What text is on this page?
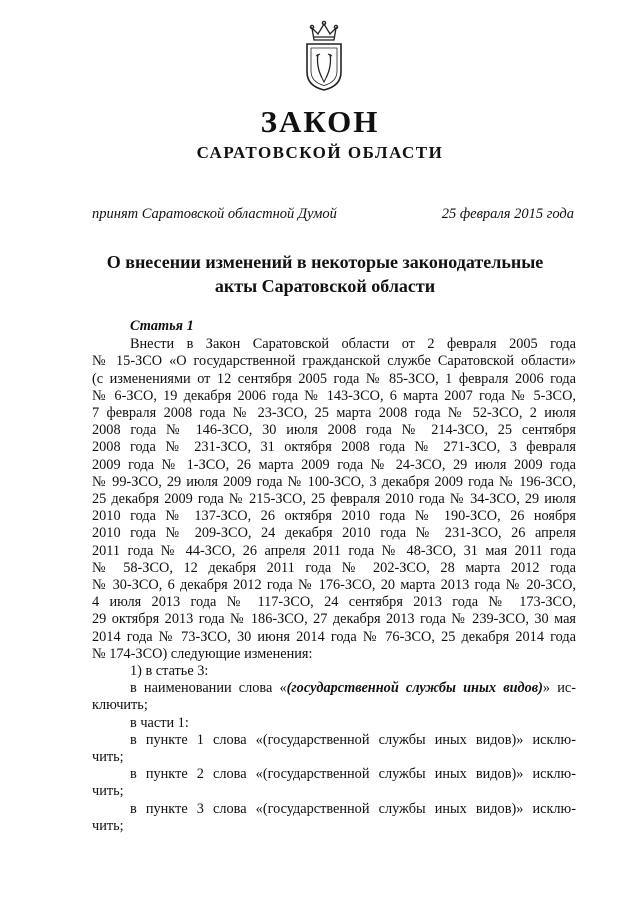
ЗАКОН
САРАТОВСКОЙ ОБЛАСТИ
принят Саратовской областной Думой	25 февраля 2015 года
О внесении изменений в некоторые законодательные
акты Саратовской области
Статья 1
Внести в Закон Саратовской области от 2 февраля 2005 года
№ 15-ЗСО «О государственной гражданской службе Саратовской области»
(с изменениями от 12 сентября 2005 года № 85-ЗСО, 1 февраля 2006 года
№ 6-ЗСО, 19 декабря 2006 года № 143-ЗСО, 6 марта 2007 года № 5-ЗСО,
7 февраля 2008 года № 23-ЗСО, 25 марта 2008 года № 52-ЗСО, 2 июля
2008 года № 146-ЗСО, 30 июля 2008 года № 214-ЗСО, 25 сентября
2008 года № 231-ЗСО, 31 октября 2008 года № 271-ЗСО, 3 февраля
2009 года № 1-ЗСО, 26 марта 2009 года № 24-ЗСО, 29 июля 2009 года
№ 99-ЗСО, 29 июля 2009 года № 100-ЗСО, 3 декабря 2009 года № 196-ЗСО,
25 декабря 2009 года № 215-ЗСО, 25 февраля 2010 года № 34-ЗСО, 29 июля
2010 года № 137-ЗСО, 26 октября 2010 года № 190-ЗСО, 26 ноября
2010 года № 209-ЗСО, 24 декабря 2010 года № 231-ЗСО, 26 апреля
2011 года № 44-ЗСО, 26 апреля 2011 года № 48-ЗСО, 31 мая 2011 года
№ 58-ЗСО, 12 декабря 2011 года № 202-ЗСО, 28 марта 2012 года
№ 30-ЗСО, 6 декабря 2012 года № 176-ЗСО, 20 марта 2013 года № 20-ЗСО,
4 июля 2013 года № 117-ЗСО, 24 сентября 2013 года № 173-ЗСО,
29 октября 2013 года № 186-ЗСО, 27 декабря 2013 года № 239-ЗСО, 30 мая
2014 года № 73-ЗСО, 30 июня 2014 года № 76-ЗСО, 25 декабря 2014 года
№ 174-ЗСО) следующие изменения:
1) в статье 3:
в наименовании слова «(государственной службы иных видов)» ис-
ключить;
в части 1:
в пункте 1 слова «(государственной службы иных видов)» исклю-
чить;
в пункте 2 слова «(государственной службы иных видов)» исклю-
чить;
в пункте 3 слова «(государственной службы иных видов)» исклю-
чить;
